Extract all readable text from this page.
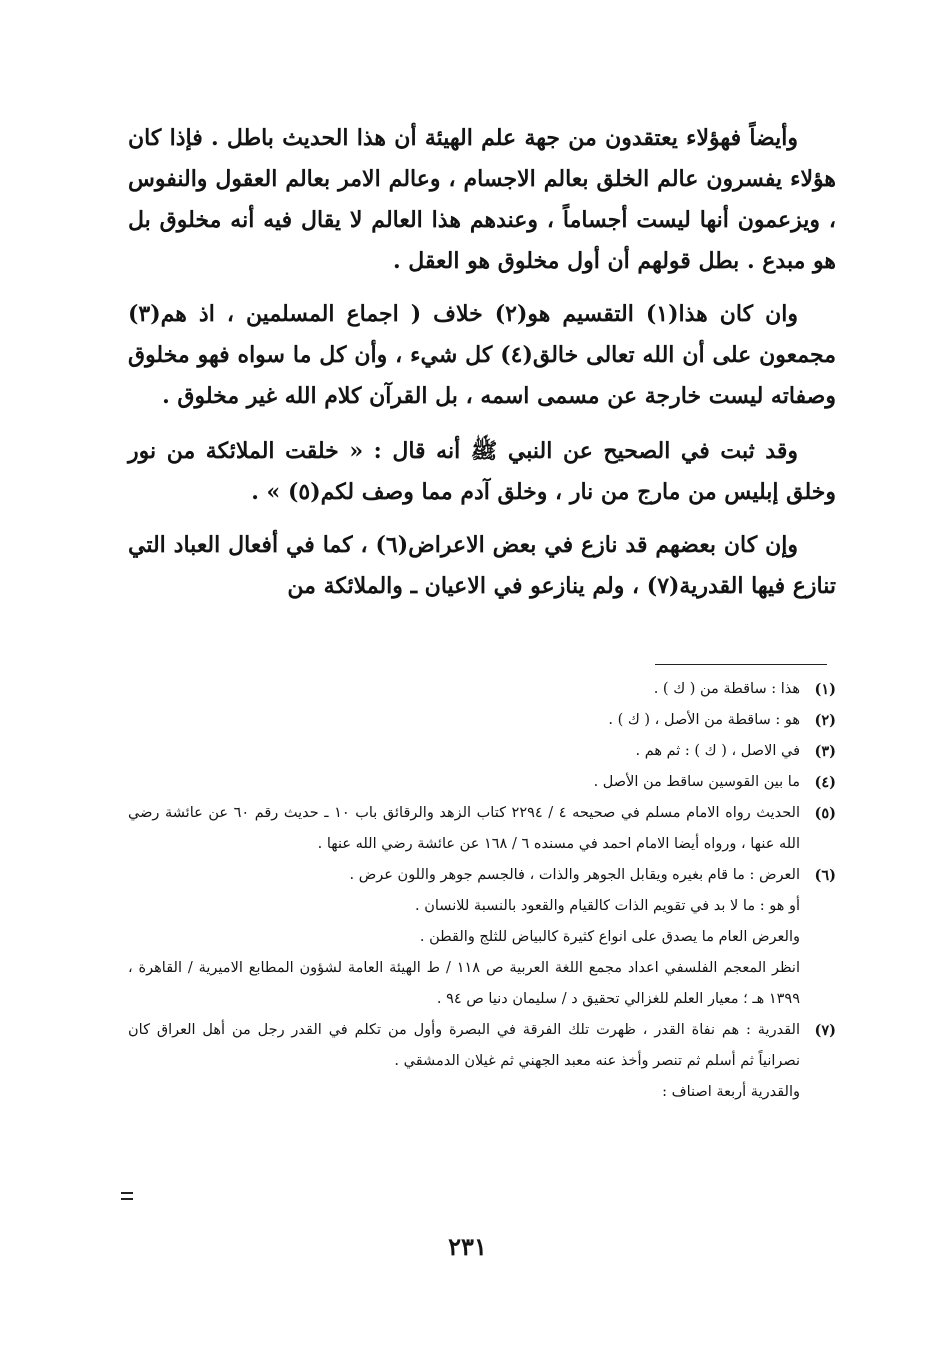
وأيضاً فهؤلاء يعتقدون من جهة علم الهيئة أن هذا الحديث باطل . فإذا كان هؤلاء يفسرون عالم الخلق بعالم الاجسام ، وعالم الامر بعالم العقول والنفوس ، ويزعمون أنها ليست أجساماً ، وعندهم هذا العالم لا يقال فيه أنه مخلوق بل هو مبدع . بطل قولهم أن أول مخلوق هو العقل .

وان كان هذا(١) التقسيم هو(٢) خلاف ( اجماع المسلمين ، اذ هم(٣) مجمعون على أن الله تعالى خالق(٤) كل شيء ، وأن كل ما سواه فهو مخلوق وصفاته ليست خارجة عن مسمى اسمه ، بل القرآن كلام الله غير مخلوق .

وقد ثبت في الصحيح عن النبي ﷺ أنه قال : « خلقت الملائكة من نور وخلق إبليس من مارج من نار ، وخلق آدم مما وصف لكم(٥) » .

وإن كان بعضهم قد نازع في بعض الاعراض(٦) ، كما في أفعال العباد التي تنازع فيها القدرية(٧) ، ولم ينازعو في الاعيان ـ والملائكة من

(١)

هذا : ساقطة من ( ك ) .

(٢)

هو : ساقطة من الأصل ، ( ك ) .

(٣)

في الاصل ، ( ك ) : ثم هم .

(٤)

ما بين القوسين ساقط من الأصل .

(٥)

الحديث رواه الامام مسلم في صحيحه ٤ / ٢٢٩٤ كتاب الزهد والرقائق باب ١٠ ـ حديث رقم ٦٠ عن عائشة رضي الله عنها ، ورواه أيضا الامام احمد في مسنده ٦ / ١٦٨ عن عائشة رضي الله عنها .

(٦)

العرض : ما قام بغيره ويقابل الجوهر والذات ، فالجسم جوهر واللون عرض .

أو هو : ما لا بد في تقويم الذات كالقيام والقعود بالنسبة للانسان .

والعرض العام ما يصدق على انواع كثيرة كالبياض للثلج والقطن .

انظر المعجم الفلسفي اعداد مجمع اللغة العربية ص ١١٨ / ط الهيئة العامة لشؤون المطابع الاميرية / القاهرة ، ١٣٩٩ هـ ؛ معيار العلم للغزالي تحقيق د / سليمان دنيا ص ٩٤ .

(٧)

القدرية : هم نفاة القدر ، ظهرت تلك الفرقة في البصرة وأول من تكلم في القدر رجل من أهل العراق كان نصرانياً ثم أسلم ثم تنصر وأخذ عنه معبد الجهني ثم غيلان الدمشقي .

والقدرية أربعة اصناف :

٢٣١
